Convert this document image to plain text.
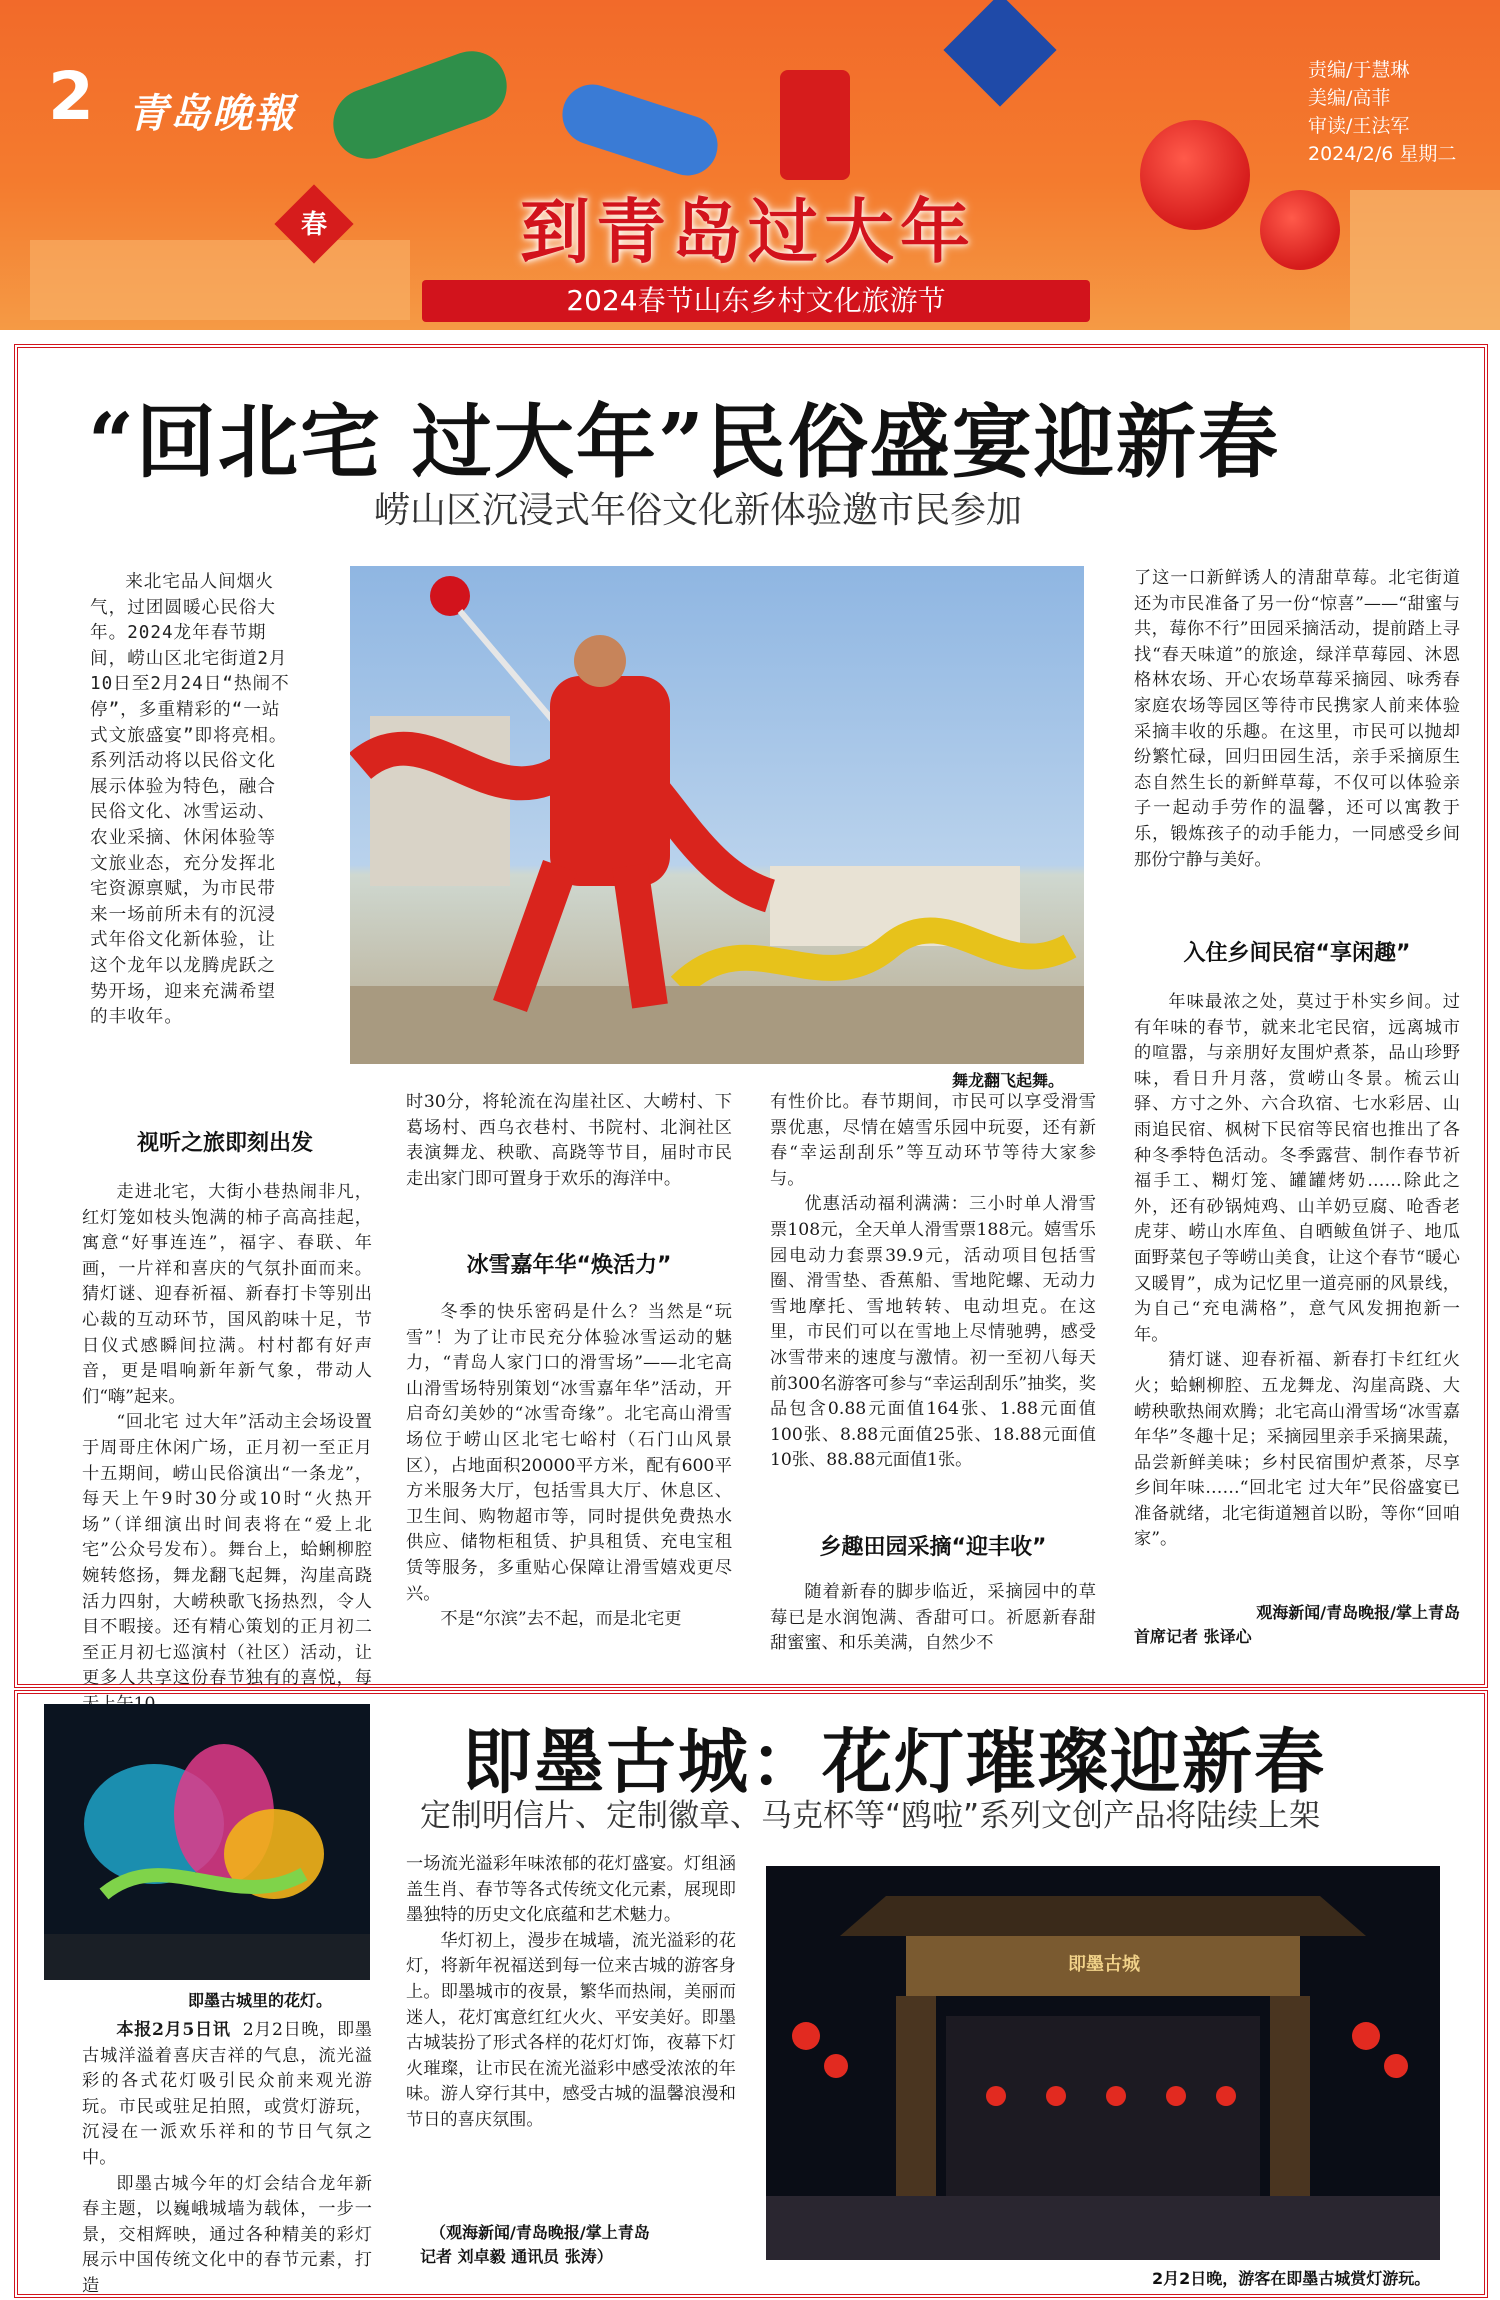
春
2 青岛晚報
责编/于慧琳
美编/高菲
审读/王法军
2024/2/6 星期二
到青岛过大年
2024春节山东乡村文化旅游节
“回北宅 过大年”民俗盛宴迎新春
崂山区沉浸式年俗文化新体验邀市民参加
来北宅品人间烟火气，过团圆暖心民俗大年。2024龙年春节期间，崂山区北宅街道2月10日至2月24日“热闹不停”，多重精彩的“一站式文旅盛宴”即将亮相。系列活动将以民俗文化展示体验为特色，融合民俗文化、冰雪运动、农业采摘、休闲体验等文旅业态，充分发挥北宅资源禀赋，为市民带来一场前所未有的沉浸式年俗文化新体验，让这个龙年以龙腾虎跃之势开场，迎来充满希望的丰收年。
舞龙翻飞起舞。
视听之旅即刻出发

走进北宅，大街小巷热闹非凡，红灯笼如枝头饱满的柿子高高挂起，寓意“好事连连”，福字、春联、年画，一片祥和喜庆的气氛扑面而来。猜灯谜、迎春祈福、新春打卡等别出心裁的互动环节，国风韵味十足，节日仪式感瞬间拉满。村村都有好声音，更是唱响新年新气象，带动人们“嗨”起来。

“回北宅 过大年”活动主会场设置于周哥庄休闲广场，正月初一至正月十五期间，崂山民俗演出“一条龙”，每天上午9时30分或10时“火热开场”（详细演出时间表将在“爱上北宅”公众号发布）。舞台上，蛤蜊柳腔婉转悠扬，舞龙翻飞起舞，沟崖高跷活力四射，大崂秧歌飞扬热烈，令人目不暇接。还有精心策划的正月初二至正月初七巡演村（社区）活动，让更多人共享这份春节独有的喜悦，每

时30分，将轮流在沟崖社区、大崂村、下葛场村、西乌衣巷村、书院村、北涧社区表演舞龙、秧歌、高跷等节目，届时市民走出家门即可置身于欢乐的海洋中。

冰雪嘉年华“焕活力”

冬季的快乐密码是什么？当然是“玩雪”！为了让市民充分体验冰雪运动的魅力，“青岛人家门口的滑雪场”——北宅高山滑雪场特别策划“冰雪嘉年华”活动，开启奇幻美妙的“冰雪奇缘”。北宅高山滑雪场位于崂山区北宅七峪村（石门山风景区），占地面积20000平方米，配有600平方米服务大厅，包括雪具大厅、休息区、卫生间、购物超市等，同时提供免费热水供应、储物柜租赁、护具租赁、充电宝租赁等服务，多重贴心保障让滑雪嬉戏更尽兴。

不是“尔滨”去不起，而是北宅更

有性价比。春节期间，市民可以享受滑雪票优惠，尽情在嬉雪乐园中玩耍，还有新春“幸运刮刮乐”等互动环节等待大家参与。

优惠活动福利满满：三小时单人滑雪票108元，全天单人滑雪票188元。嬉雪乐园电动力套票39.9元，活动项目包括雪圈、滑雪垫、香蕉船、雪地陀螺、无动力雪地摩托、雪地转转、电动坦克。在这里，市民们可以在雪地上尽情驰骋，感受冰雪带来的速度与激情。初一至初八每天前300名游客可参与“幸运刮刮乐”抽奖，奖品包含0.88元面值164张、1.88元面值100张、8.88元面值25张、18.88元面值10张、88.88元面值1张。

乡趣田园采摘“迎丰收”

随着新春的脚步临近，采摘园中的草莓已是水润饱满、香甜可口。祈愿新春甜甜蜜蜜、和乐美满，自然少不

了这一口新鲜诱人的清甜草莓。北宅街道还为市民准备了另一份“惊喜”——“甜蜜与共，莓你不行”田园采摘活动，提前踏上寻找“春天味道”的旅途，绿洋草莓园、沐恩格林农场、开心农场草莓采摘园、咏秀春家庭农场等园区等待市民携家人前来体验采摘丰收的乐趣。在这里，市民可以抛却纷繁忙碌，回归田园生活，亲手采摘原生态自然生长的新鲜草莓，不仅可以体验亲子一起动手劳作的温馨，还可以寓教于乐，锻炼孩子的动手能力，一同感受乡间那份宁静与美好。

入住乡间民宿“享闲趣”

年味最浓之处，莫过于朴实乡间。过有年味的春节，就来北宅民宿，远离城市的喧嚣，与亲朋好友围炉煮茶，品山珍野味，看日升月落，赏崂山冬景。梳云山驿、方寸之外、六合玖宿、七水彩居、山雨追民宿、枫树下民宿等民宿也推出了各种冬季特色活动。冬季露营、制作春节祈福手工、糊灯笼、罐罐烤奶……除此之外，还有砂锅炖鸡、山羊奶豆腐、呛香老虎芽、崂山水库鱼、自晒鲅鱼饼子、地瓜面野菜包子等崂山美食，让这个春节“暖心又暖胃”，成为记忆里一道亮丽的风景线，为自己“充电满格”，意气风发拥抱新一年。

猜灯谜、迎春祈福、新春打卡红红火火；蛤蜊柳腔、五龙舞龙、沟崖高跷、大崂秧歌热闹欢腾；北宅高山滑雪场“冰雪嘉年华”冬趣十足；采摘园里亲手采摘果蔬，品尝新鲜美味；乡村民宿围炉煮茶，尽享乡间年味……“回北宅 过大年”民俗盛宴已准备就绪，北宅街道翘首以盼，等你“回咱家”。

观海新闻/青岛晚报/掌上青岛
首席记者 张译心
即墨古城：花灯璀璨迎新春
定制明信片、定制徽章、马克杯等“鸥啦”系列文创产品将陆续上架
即墨古城里的花灯。

本报2月5日讯 2月2日晚，即墨古城洋溢着喜庆吉祥的气息，流光溢彩的各式花灯吸引民众前来观光游玩。市民或驻足拍照，或赏灯游玩，沉浸在一派欢乐祥和的节日气氛之中。

即墨古城今年的灯会结合龙年新春主题，以巍峨城墙为载体，一步一景，交相辉映，通过各种精美的彩灯展示中国传统文化中的春节元素，打造

一场流光溢彩年味浓郁的花灯盛宴。灯组涵盖生肖、春节等各式传统文化元素，展现即墨独特的历史文化底蕴和艺术魅力。

华灯初上，漫步在城墙，流光溢彩的花灯，将新年祝福送到每一位来古城的游客身上。即墨城市的夜景，繁华而热闹，美丽而迷人，花灯寓意红红火火、平安美好。即墨古城装扮了形式各样的花灯灯饰，夜幕下灯火璀璨，让市民在流光溢彩中感受浓浓的年味。游人穿行其中，感受古城的温馨浪漫和节日的喜庆氛围。

（观海新闻/青岛晚报/掌上青岛
记者 刘卓毅 通讯员 张涛）
即墨古城
2月2日晚，游客在即墨古城赏灯游玩。
